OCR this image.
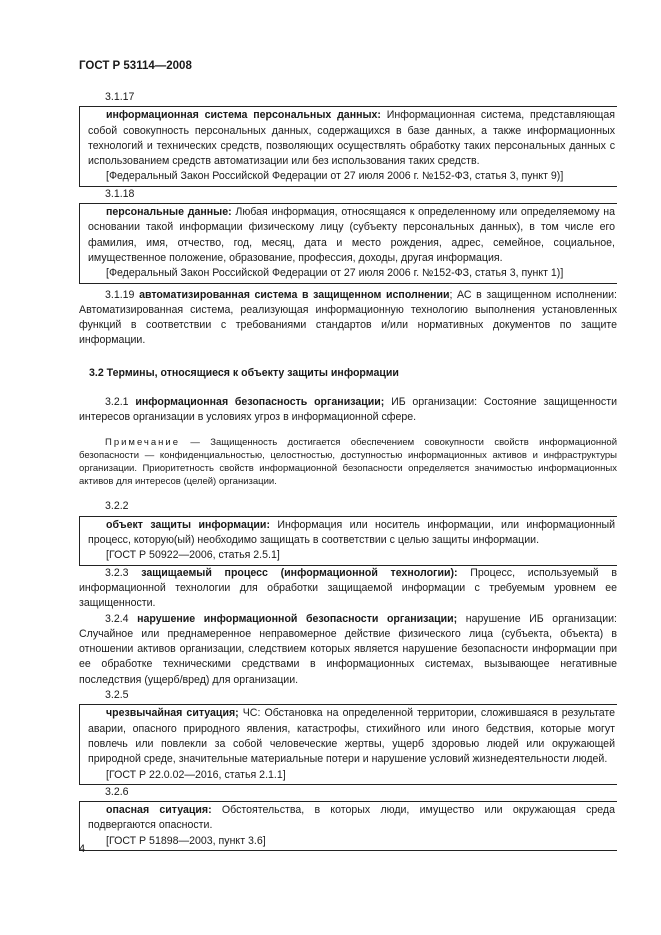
ГОСТ Р 53114—2008
3.1.17

информационная система персональных данных: Информационная система, представляющая собой совокупность персональных данных, содержащихся в базе данных, а также информационных технологий и технических средств, позволяющих осуществлять обработку таких персональных данных с использованием средств автоматизации или без использования таких средств.

[Федеральный Закон Российской Федерации от 27 июля 2006 г. №152-ФЗ, статья 3, пункт 9)]
3.1.18

персональные данные: Любая информация, относящаяся к определенному или определяемому на основании такой информации физическому лицу (субъекту персональных данных), в том числе его фамилия, имя, отчество, год, месяц, дата и место рождения, адрес, семейное, социальное, имущественное положение, образование, профессия, доходы, другая информация.

[Федеральный Закон Российской Федерации от 27 июля 2006 г. №152-ФЗ, статья 3, пункт 1)]

3.1.19 автоматизированная система в защищенном исполнении; АС в защищенном исполнении: Автоматизированная система, реализующая информационную технологию выполнения установленных функций в соответствии с требованиями стандартов и/или нормативных документов по защите информации.

3.2 Термины, относящиеся к объекту защиты информации

3.2.1 информационная безопасность организации; ИБ организации: Состояние защищенности интересов организации в условиях угроз в информационной сфере.

Примечание — Защищенность достигается обеспечением совокупности свойств информационной безопасности — конфиденциальностью, целостностью, доступностью информационных активов и инфраструктуры организации. Приоритетность свойств информационной безопасности определяется значимостью информационных активов для интересов (целей) организации.

3.2.2

объект защиты информации: Информация или носитель информации, или информационный процесс, которую(ый) необходимо защищать в соответствии с целью защиты информации.

[ГОСТ Р 50922—2006, статья 2.5.1]

3.2.3 защищаемый процесс (информационной технологии): Процесс, используемый в информационной технологии для обработки защищаемой информации с требуемым уровнем ее защищенности.

3.2.4 нарушение информационной безопасности организации; нарушение ИБ организации: Случайное или преднамеренное неправомерное действие физического лица (субъекта, объекта) в отношении активов организации, следствием которых является нарушение безопасности информации при ее обработке техническими средствами в информационных системах, вызывающее негативные последствия (ущерб/вред) для организации.

3.2.5

чрезвычайная ситуация; ЧС: Обстановка на определенной территории, сложившаяся в результате аварии, опасного природного явления, катастрофы, стихийного или иного бедствия, которые могут повлечь или повлекли за собой человеческие жертвы, ущерб здоровью людей или окружающей природной среде, значительные материальные потери и нарушение условий жизнедеятельности людей.

[ГОСТ Р 22.0.02—2016, статья 2.1.1]
3.2.6

опасная ситуация: Обстоятельства, в которых люди, имущество или окружающая среда подвергаются опасности.

[ГОСТ Р 51898—2003, пункт 3.6]
4
